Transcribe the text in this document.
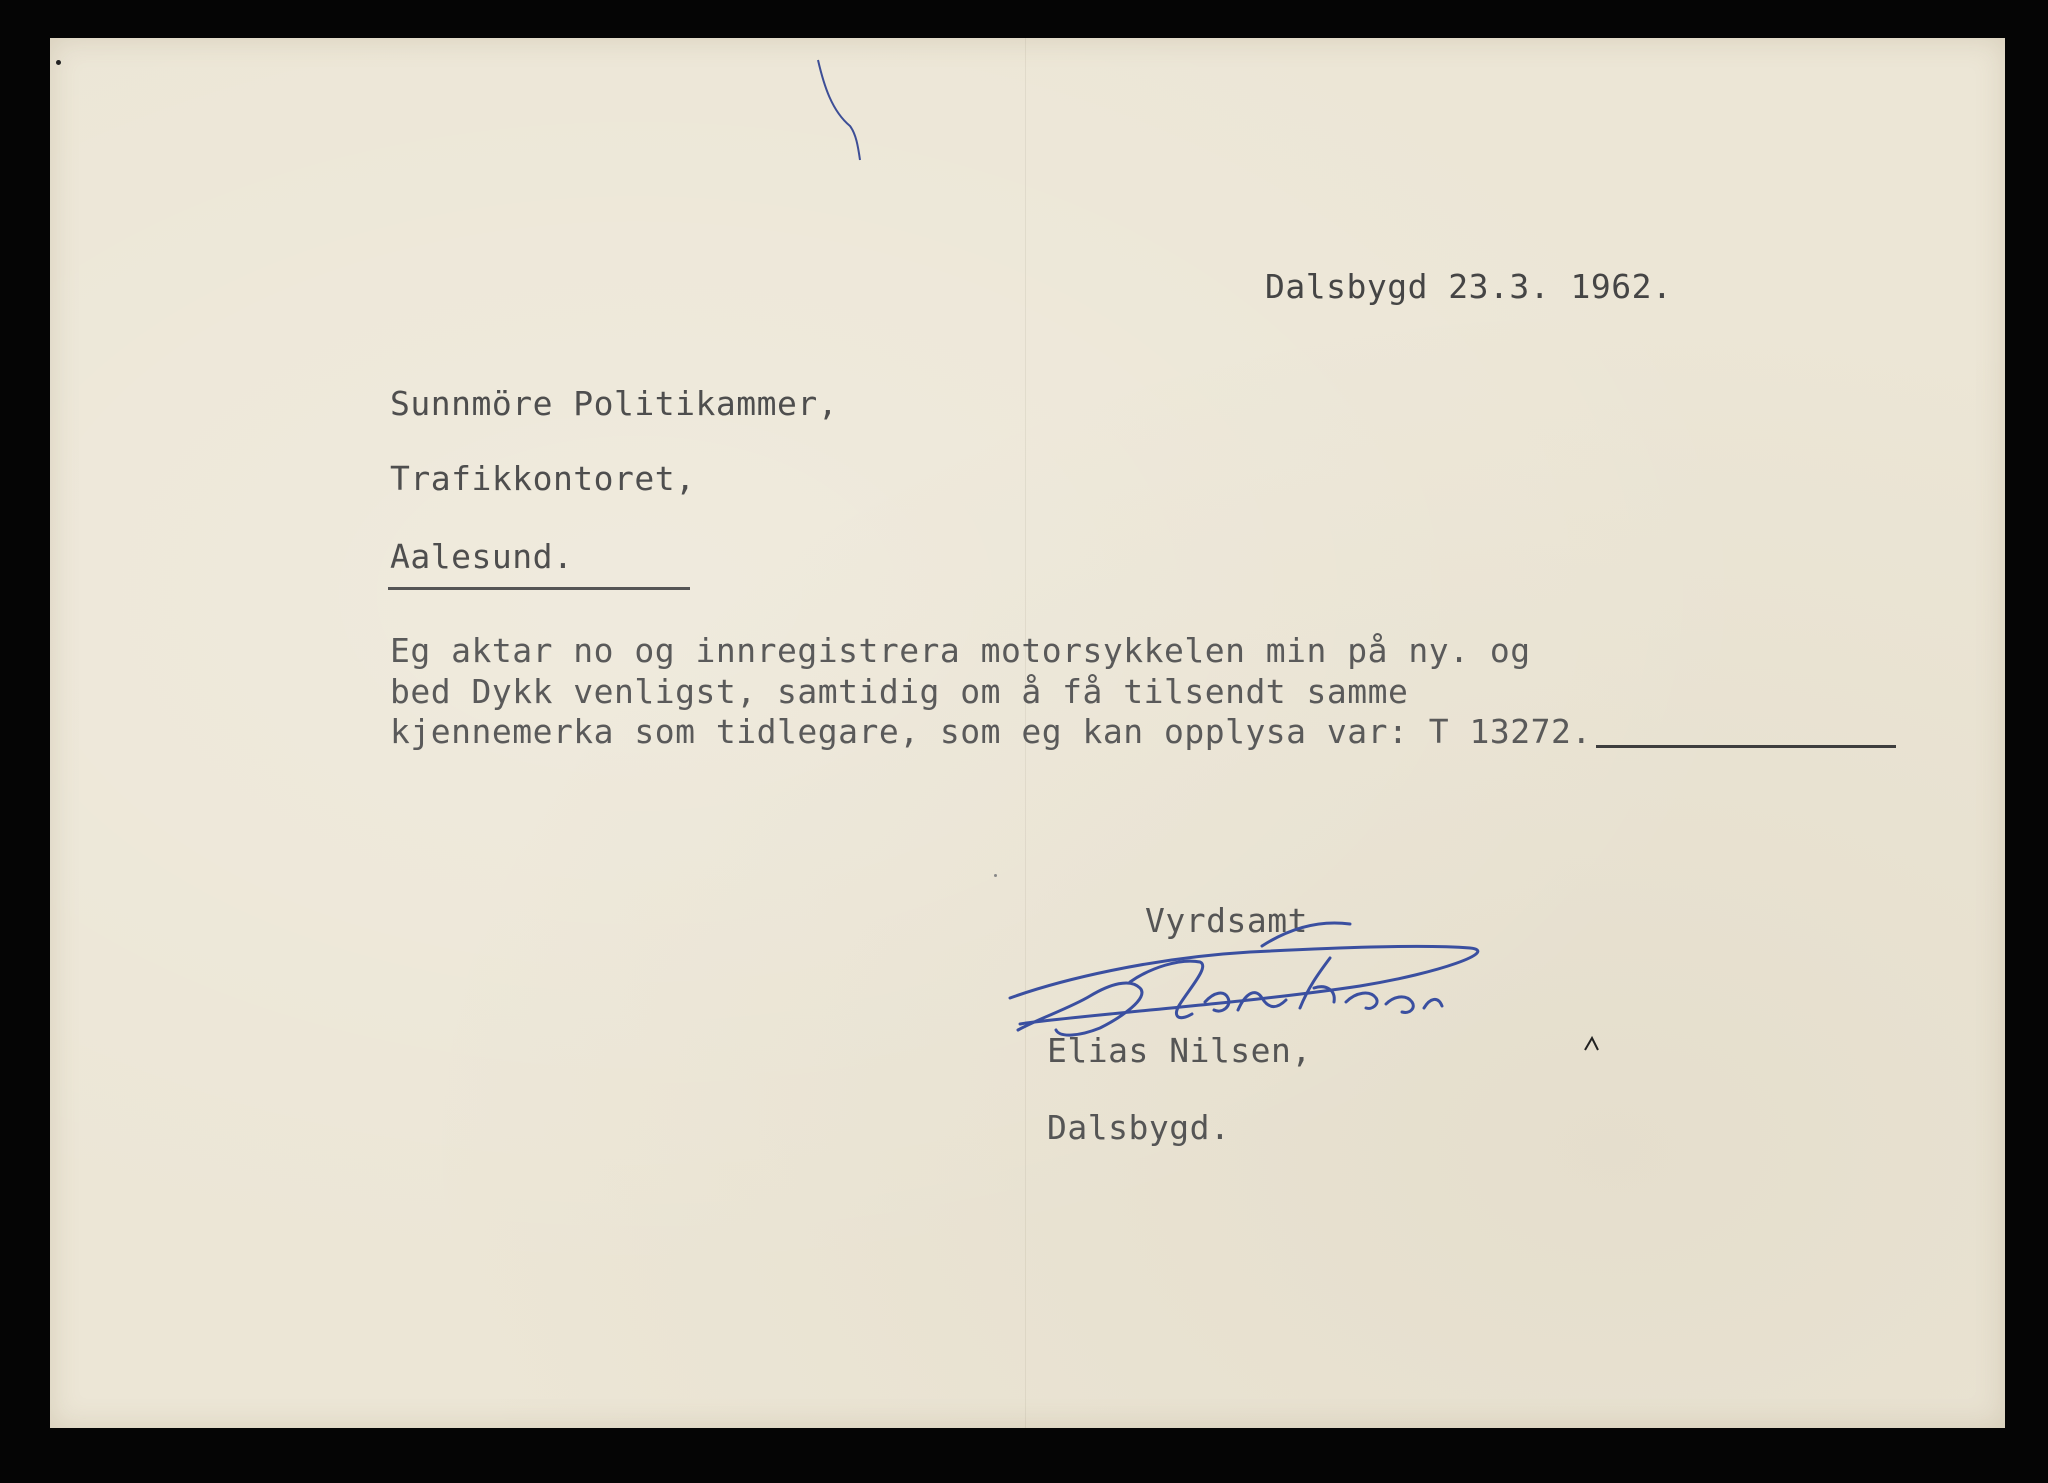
Dalsbygd 23.3. 1962.
Sunnmöre Politikammer,
Trafikkontoret,
Aalesund.
Eg aktar no og innregistrera motorsykkelen min på ny. og
bed Dykk venligst, samtidig om å få tilsendt samme
kjennemerka som tidlegare, som eg kan opplysa var: T 13272.
Vyrdsamt
Elias Nilsen,
Dalsbygd.
